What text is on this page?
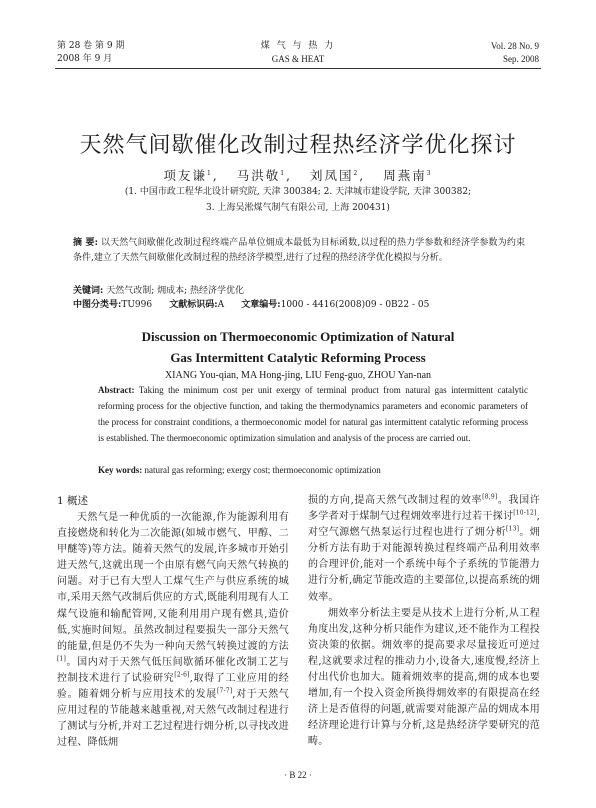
第 28 卷 第 9 期
2008 年 9 月
煤 气 与 热 力
GAS & HEAT
Vol. 28 No. 9
Sep. 2008
天然气间歇催化改制过程热经济学优化探讨
项友谦$^1$,   马洪敬$^1$,   刘凤国$^2$,   周燕南$^3$
(1. 中国市政工程华北设计研究院, 天津 300384; 2. 天津城市建设学院, 天津 300382;
3. 上海吴淞煤气制气有限公司, 上海 200431)
摘 要: 以天然气间歇催化改制过程终端产品单位㶲成本最低为目标函数,以过程的热力学参数和经济学参数为约束条件,建立了天然气间歇催化改制过程的热经济学模型,进行了过程的热经济学优化模拟与分析。
关键词: 天然气改制; 㶲成本; 热经济学优化
中图分类号:TU996 文献标识码:A 文章编号:1000 - 4416(2008)09 - 0B22 - 05
Discussion on Thermoeconomic Optimization of Natural
Gas Intermittent Catalytic Reforming Process
XIANG You-qian, MA Hong-jing, LIU Feng-guo, ZHOU Yan-nan
Abstract: Taking the minimum cost per unit exergy of terminal product from natural gas intermittent catalytic reforming process for the objective function, and taking the thermodynamics parameters and economic parameters of the process for constraint conditions, a thermoeconomic model for natural gas intermittent catalytic reforming process is established. The thermoeconomic optimization simulation and analysis of the process are carried out.
Key words: natural gas reforming; exergy cost; thermoeconomic optimization
1 概述

天然气是一种优质的一次能源,作为能源利用有直接燃烧和转化为二次能源(如城市燃气、甲醇、二甲醚等)等方法。随着天然气的发展,许多城市开始引进天然气,这就出现一个由原有燃气向天然气转换的问题。对于已有大型人工煤气生产与供应系统的城市,采用天然气改制后供应的方式,既能利用现有人工煤气设施和输配管网,又能利用用户现有燃具,造价低,实施时间短。虽然改制过程要损失一部分天然气的能量,但是仍不失为一种向天然气转换过渡的方法[1]。国内对于天然气低压间歇循环催化改制工艺与控制技术进行了试验研究[2-6],取得了工业应用的经验。随着㶲分析与应用技术的发展[7-7],对于天然气应用过程的节能越来越重视,对天然气改制过程进行了测试与分析,并对工艺过程进行㶲分析,以寻找改进过程、降低㶲

损的方向,提高天然气改制过程的效率[8,9]。我国许多学者对于煤制气过程㶲效率进行过若干探讨[10-12],对空气源燃气热泵运行过程也进行了㶲分析[13]。㶲分析方法有助于对能源转换过程终端产品利用效率的合理评价,能对一个系统中每个子系统的节能潜力进行分析,确定节能改造的主要部位,以提高系统的㶲效率。

㶲效率分析法主要是从技术上进行分析,从工程角度出发,这种分析只能作为建议,还不能作为工程投资决策的依据。㶲效率的提高要求尽量接近可逆过程,这就要求过程的推动力小,设备大,速度慢,经济上付出代价也加大。随着㶲效率的提高,㶲的成本也要增加,有一个投入资金所换得㶲效率的有限提高在经济上是否值得的问题,就需要对能源产品的㶲成本用经济理论进行计算与分析,这是热经济学要研究的范畴。

· B 22 ·
